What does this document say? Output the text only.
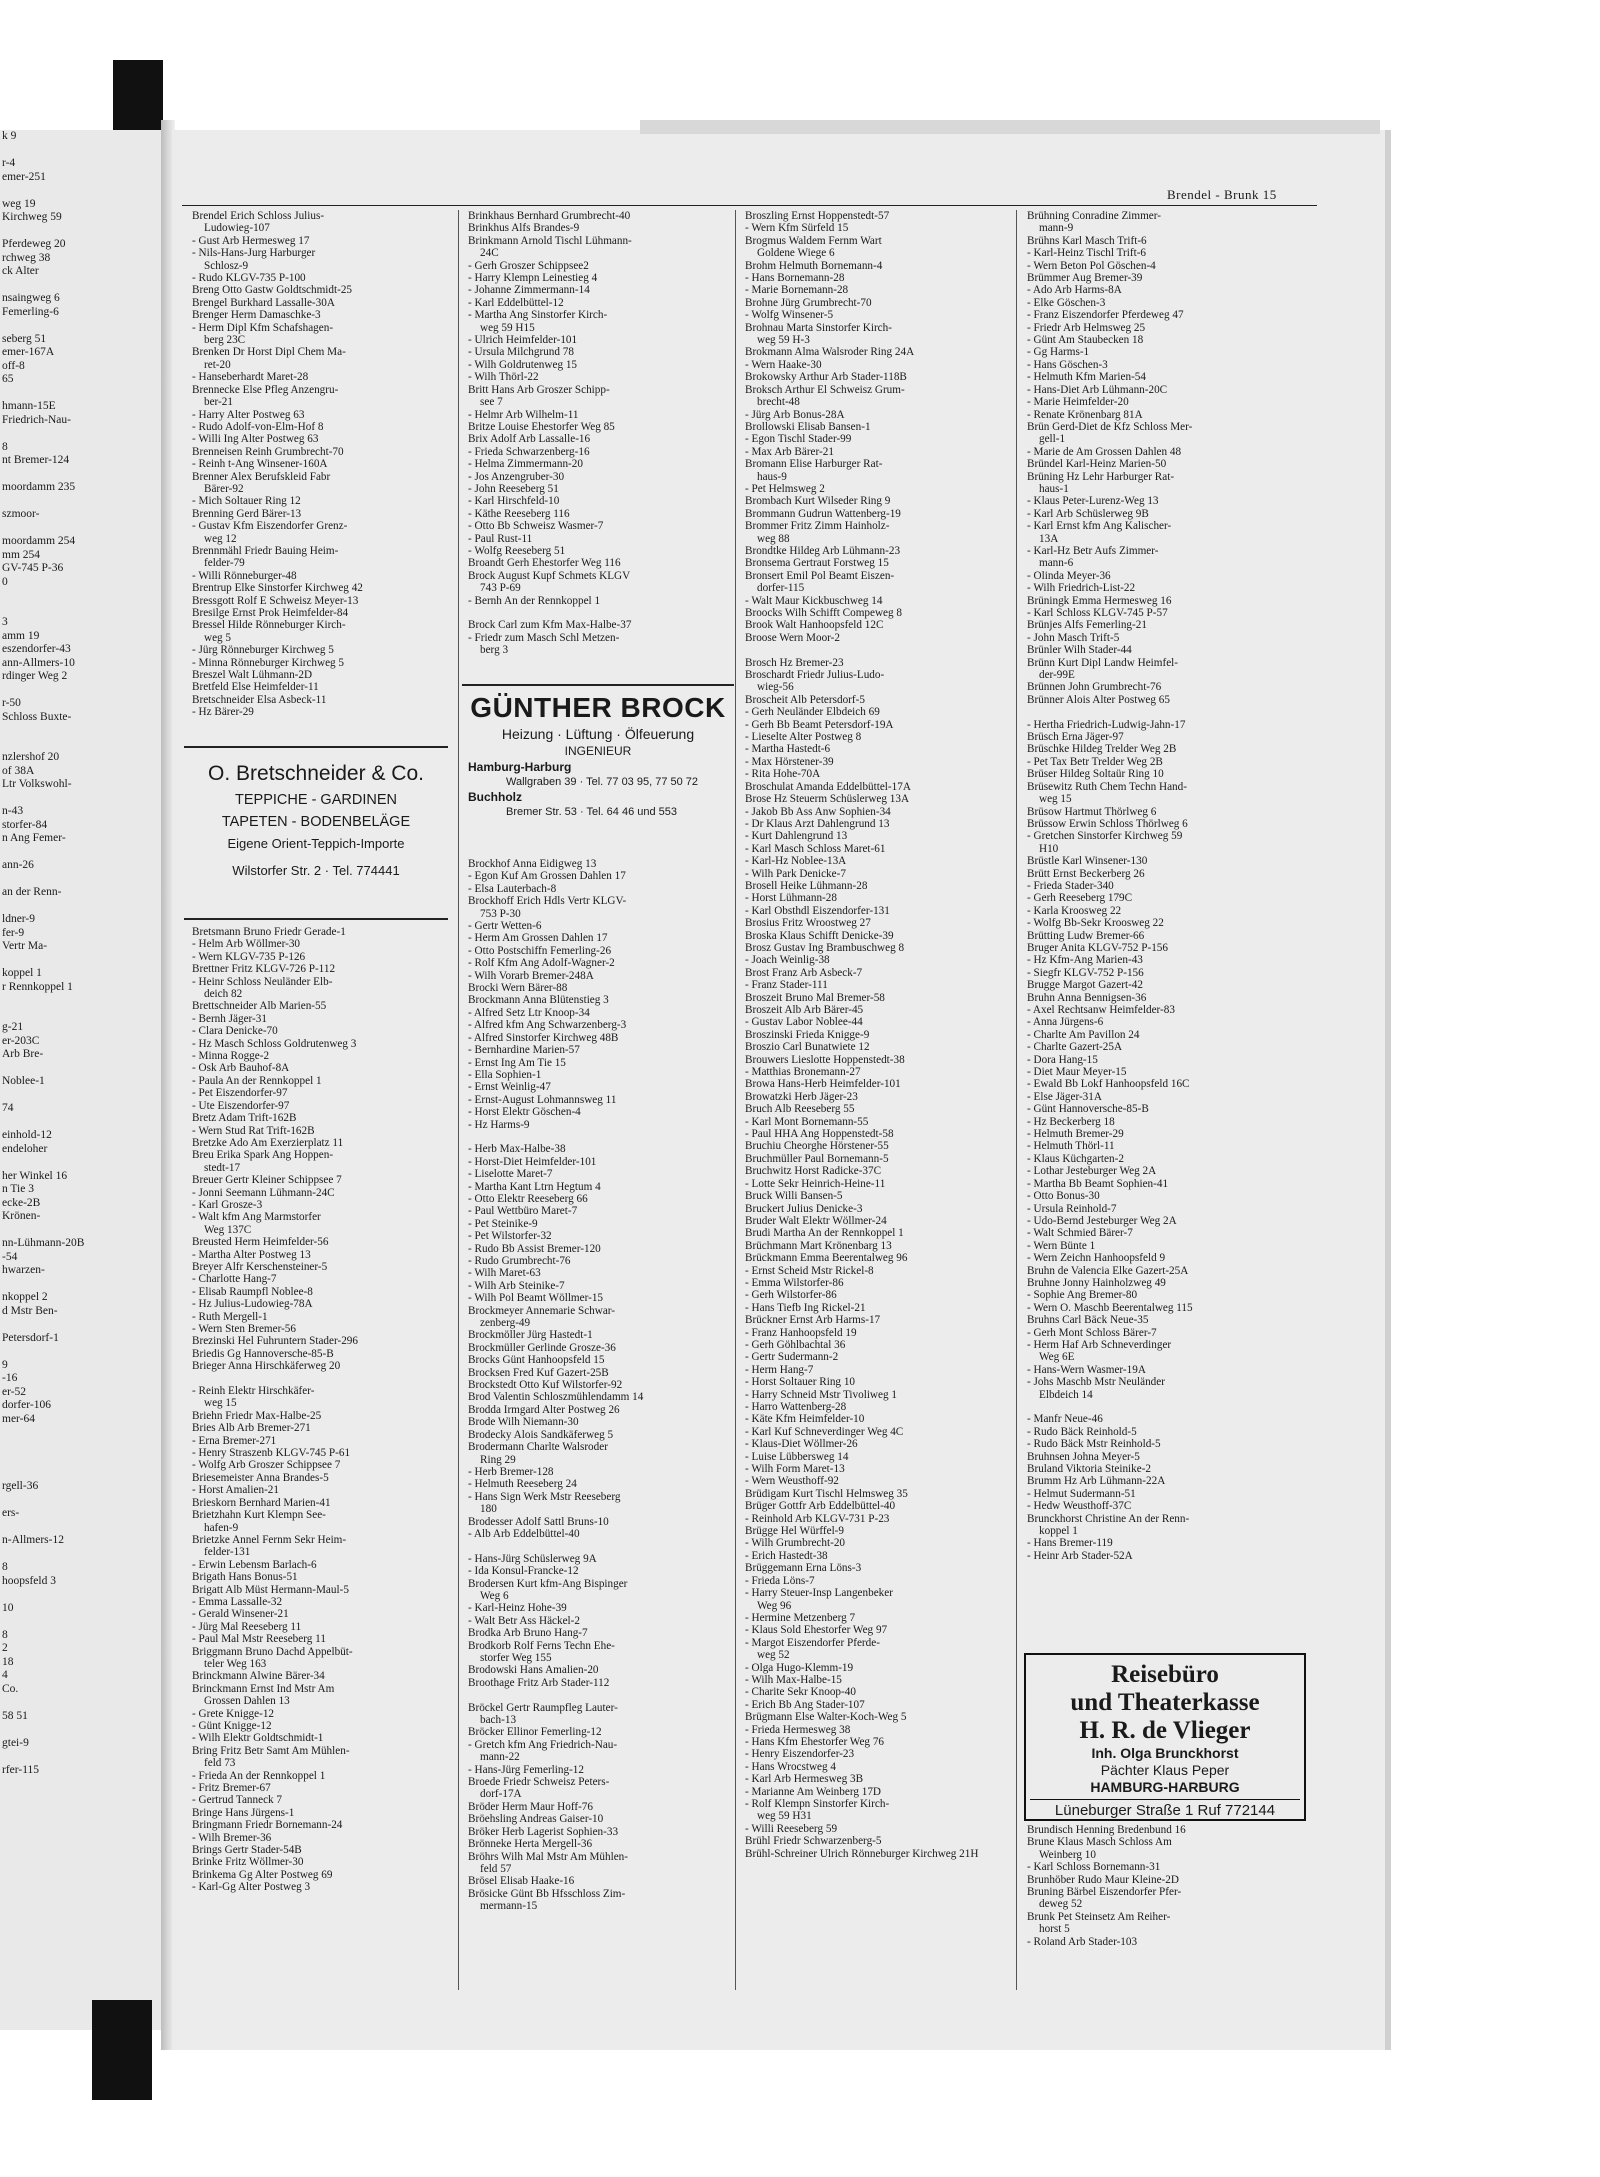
k 9

r-4
emer-251

weg 19
Kirchweg 59

Pferdeweg 20
rchweg 38
ck Alter

nsaingweg 6
Femerling-6

seberg 51
emer-167A
off-8
65

hmann-15E
Friedrich-Nau-

8
nt Bremer-124

moordamm 235

szmoor-

moordamm 254
mm 254
GV-745 P-36
0

3
amm 19
eszendorfer-43
ann-Allmers-10
rdinger Weg 2

r-50
Schloss Buxte-

nzlershof 20
of 38A
Ltr Volkswohl-

n-43
storfer-84
n Ang Femer-

ann-26

an der Renn-

ldner-9
fer-9
Vertr Ma-

koppel 1
r Rennkoppel 1

g-21
er-203C
Arb Bre-

Noblee-1

74

einhold-12
endeloher

her Winkel 16
n Tie 3
ecke-2B
Krönen-

nn-Lühmann-20B
-54
hwarzen-

nkoppel 2
d Mstr Ben-

Petersdorf-1

9
-16
er-52
dorfer-106
mer-64

rgell-36

ers-

n-Allmers-12

8
hoopsfeld 3

10

8
2
18
4
Co.

58 51

gtei-9

rfer-115
Brendel - Brunk 15
Brendel Erich Schloss Julius-
Ludowieg-107
- Gust Arb Hermesweg 17
- Nils-Hans-Jurg Harburger
Schlosz-9
- Rudo KLGV-735 P-100
Breng Otto Gastw Goldtschmidt-25
Brengel Burkhard Lassalle-30A
Brenger Herm Damaschke-3
- Herm Dipl Kfm Schafshagen-
berg 23C
Brenken Dr Horst Dipl Chem Ma-
ret-20
- Hanseberhardt Maret-28
Brennecke Else Pfleg Anzengru-
ber-21
- Harry Alter Postweg 63
- Rudo Adolf-von-Elm-Hof 8
- Willi Ing Alter Postweg 63
Brenneisen Reinh Grumbrecht-70
- Reinh t-Ang Winsener-160A
Brenner Alex Berufskleid Fabr
Bärer-92
- Mich Soltauer Ring 12
Brenning Gerd Bärer-13
- Gustav Kfm Eiszendorfer Grenz-
weg 12
Brennmähl Friedr Bauing Heim-
felder-79
- Willi Rönneburger-48
Brentrup Elke Sinstorfer Kirchweg 42
Bressgott Rolf E Schweisz Meyer-13
Bresilge Ernst Prok Heimfelder-84
Bressel Hilde Rönneburger Kirch-
weg 5
- Jürg Rönneburger Kirchweg 5
- Minna Rönneburger Kirchweg 5
Breszel Walt Lühmann-2D
Bretfeld Else Heimfelder-11
Bretschneider Elsa Asbeck-11
- Hz Bärer-29
Bretsmann Bruno Friedr Gerade-1
- Helm Arb Wöllmer-30
- Wern KLGV-735 P-126
Brettner Fritz KLGV-726 P-112
- Heinr Schloss Neuländer Elb-
deich 82
Brettschneider Alb Marien-55
- Bernh Jäger-31
- Clara Denicke-70
- Hz Masch Schloss Goldrutenweg 3
- Minna Rogge-2
- Osk Arb Bauhof-8A
- Paula An der Rennkoppel 1
- Pet Eiszendorfer-97
- Ute Eiszendorfer-97
Bretz Adam Trift-162B
- Wern Stud Rat Trift-162B
Bretzke Ado Am Exerzierplatz 11
Breu Erika Spark Ang Hoppen-
stedt-17
Breuer Gertr Kleiner Schippsee 7
- Jonni Seemann Lühmann-24C
- Karl Grosze-3
- Walt kfm Ang Marmstorfer
Weg 137C
Breusted Herm Heimfelder-56
- Martha Alter Postweg 13
Breyer Alfr Kerschensteiner-5
- Charlotte Hang-7
- Elisab Raumpfl Noblee-8
- Hz Julius-Ludowieg-78A
- Ruth Mergell-1
- Wern Sten Bremer-56
Brezinski Hel Fuhruntern Stader-296
Briedis Gg Hannoversche-85-B
Brieger Anna Hirschkäferweg 20

- Reinh Elektr Hirschkäfer-
weg 15
Briehn Friedr Max-Halbe-25
Bries Alb Arb Bremer-271
- Erna Bremer-271
- Henry Straszenb KLGV-745 P-61
- Wolfg Arb Groszer Schippsee 7
Briesemeister Anna Brandes-5
- Horst Amalien-21
Brieskorn Bernhard Marien-41
Brietzhahn Kurt Klempn See-
hafen-9
Brietzke Annel Fernm Sekr Heim-
felder-131
- Erwin Lebensm Barlach-6
Brigath Hans Bonus-51
Brigatt Alb Müst Hermann-Maul-5
- Emma Lassalle-32
- Gerald Winsener-21
- Jürg Mal Reeseberg 11
- Paul Mal Mstr Reeseberg 11
Briggmann Bruno Dachd Appelbüt-
teler Weg 163
Brinckmann Alwine Bärer-34
Brinckmann Ernst Ind Mstr Am
Grossen Dahlen 13
- Grete Knigge-12
- Günt Knigge-12
- Wilh Elektr Goldtschmidt-1
Bring Fritz Betr Samt Am Mühlen-
feld 73
- Frieda An der Rennkoppel 1
- Fritz Bremer-67
- Gertrud Tanneck 7
Bringe Hans Jürgens-1
Bringmann Friedr Bornemann-24
- Wilh Bremer-36
Brings Gertr Stader-54B
Brinke Fritz Wöllmer-30
Brinkema Gg Alter Postweg 69
- Karl-Gg Alter Postweg 3
Brinkhaus Bernhard Grumbrecht-40
Brinkhus Alfs Brandes-9
Brinkmann Arnold Tischl Lühmann-
24C
- Gerh Groszer Schippsee2
- Harry Klempn Leinestieg 4
- Johanne Zimmermann-14
- Karl Eddelbüttel-12
- Martha Ang Sinstorfer Kirch-
weg 59 H15
- Ulrich Heimfelder-101
- Ursula Milchgrund 78
- Wilh Goldrutenweg 15
- Wilh Thörl-22
Britt Hans Arb Groszer Schipp-
see 7
- Helmr Arb Wilhelm-11
Britze Louise Ehestorfer Weg 85
Brix Adolf Arb Lassalle-16
- Frieda Schwarzenberg-16
- Helma Zimmermann-20
- Jos Anzengruber-30
- John Reeseberg 51
- Karl Hirschfeld-10
- Käthe Reeseberg 116
- Otto Bb Schweisz Wasmer-7
- Paul Rust-11
- Wolfg Reeseberg 51
Broandt Gerh Ehestorfer Weg 116
Brock August Kupf Schmets KLGV
743 P-69
- Bernh An der Rennkoppel 1

Brock Carl zum Kfm Max-Halbe-37
- Friedr zum Masch Schl Metzen-
berg 3
Brockhof Anna Eidigweg 13
- Egon Kuf Am Grossen Dahlen 17
- Elsa Lauterbach-8
Brockhoff Erich Hdls Vertr KLGV-
753 P-30
- Gertr Wetten-6
- Herm Am Grossen Dahlen 17
- Otto Postschiffn Femerling-26
- Rolf Kfm Ang Adolf-Wagner-2
- Wilh Vorarb Bremer-248A
Brocki Wern Bärer-88
Brockmann Anna Blütenstieg 3
- Alfred Setz Ltr Knoop-34
- Alfred kfm Ang Schwarzenberg-3
- Alfred Sinstorfer Kirchweg 48B
- Bernhardine Marien-57
- Ernst Ing Am Tie 15
- Ella Sophien-1
- Ernst Weinlig-47
- Ernst-August Lohmannsweg 11
- Horst Elektr Göschen-4
- Hz Harms-9

- Herb Max-Halbe-38
- Horst-Diet Heimfelder-101
- Liselotte Maret-7
- Martha Kant Ltrn Hegtum 4
- Otto Elektr Reeseberg 66
- Paul Wettbüro Maret-7
- Pet Steinike-9
- Pet Wilstorfer-32
- Rudo Bb Assist Bremer-120
- Rudo Grumbrecht-76
- Wilh Maret-63
- Wilh Arb Steinike-7
- Wilh Pol Beamt Wöllmer-15
Brockmeyer Annemarie Schwar-
zenberg-49
Brockmöller Jürg Hastedt-1
Brockmüller Gerlinde Grosze-36
Brocks Günt Hanhoopsfeld 15
Brocksen Fred Kuf Gazert-25B
Brockstedt Otto Kuf Wilstorfer-92
Brod Valentin Schloszmühlendamm 14
Brodda Irmgard Alter Postweg 26
Brode Wilh Niemann-30
Brodecky Alois Sandkäferweg 5
Brodermann Charlte Walsroder
Ring 29
- Herb Bremer-128
- Helmuth Reeseberg 24
- Hans Sign Werk Mstr Reeseberg
180
Brodesser Adolf Sattl Bruns-10
- Alb Arb Eddelbüttel-40

- Hans-Jürg Schüslerweg 9A
- Ida Konsul-Francke-12
Brodersen Kurt kfm-Ang Bispinger
Weg 6
- Karl-Heinz Hohe-39
- Walt Betr Ass Häckel-2
Brodka Arb Bruno Hang-7
Brodkorb Rolf Ferns Techn Ehe-
storfer Weg 155
Brodowski Hans Amalien-20
Broothage Fritz Arb Stader-112

Bröckel Gertr Raumpfleg Lauter-
bach-13
Bröcker Ellinor Femerling-12
- Gretch kfm Ang Friedrich-Nau-
mann-22
- Hans-Jürg Femerling-12
Broede Friedr Schweisz Peters-
dorf-17A
Bröder Herm Maur Hoff-76
Bröehsling Andreas Gaiser-10
Bröker Herb Lagerist Sophien-33
Brönneke Herta Mergell-36
Bröhrs Wilh Mal Mstr Am Mühlen-
feld 57
Brösel Elisab Haake-16
Brösicke Günt Bb Hfsschloss Zim-
mermann-15
Broszling Ernst Hoppenstedt-57
- Wern Kfm Sürfeld 15
Brogmus Waldem Fernm Wart
Goldene Wiege 6
Brohm Helmuth Bornemann-4
- Hans Bornemann-28
- Marie Bornemann-28
Brohne Jürg Grumbrecht-70
- Wolfg Winsener-5
Brohnau Marta Sinstorfer Kirch-
weg 59 H-3
Brokmann Alma Walsroder Ring 24A
- Wern Haake-30
Brokowsky Arthur Arb Stader-118B
Broksch Arthur El Schweisz Grum-
brecht-48
- Jürg Arb Bonus-28A
Brollowski Elisab Bansen-1
- Egon Tischl Stader-99
- Max Arb Bärer-21
Bromann Elise Harburger Rat-
haus-9
- Pet Helmsweg 2
Brombach Kurt Wilseder Ring 9
Brommann Gudrun Wattenberg-19
Brommer Fritz Zimm Hainholz-
weg 88
Brondtke Hildeg Arb Lühmann-23
Bronsema Gertraut Forstweg 15
Bronsert Emil Pol Beamt Eiszen-
dorfer-115
- Walt Maur Kickbuschweg 14
Broocks Wilh Schifft Compeweg 8
Brook Walt Hanhoopsfeld 12C
Broose Wern Moor-2

Brosch Hz Bremer-23
Broschardt Friedr Julius-Ludo-
wieg-56
Broscheit Alb Petersdorf-5
- Gerh Neuländer Elbdeich 69
- Gerh Bb Beamt Petersdorf-19A
- Lieselte Alter Postweg 8
- Martha Hastedt-6
- Max Hörstener-39
- Rita Hohe-70A
Broschulat Amanda Eddelbüttel-17A
Brose Hz Steuerm Schüslerweg 13A
- Jakob Bb Ass Anw Sophien-34
- Dr Klaus Arzt Dahlengrund 13
- Kurt Dahlengrund 13
- Karl Masch Schloss Maret-61
- Karl-Hz Noblee-13A
- Wilh Park Denicke-7
Brosell Heike Lühmann-28
- Horst Lühmann-28
- Karl Obsthdl Eiszendorfer-131
Brosius Fritz Wroostweg 27
Broska Klaus Schifft Denicke-39
Brosz Gustav Ing Brambuschweg 8
- Joach Weinlig-38
Brost Franz Arb Asbeck-7
- Franz Stader-111
Broszeit Bruno Mal Bremer-58
Broszeit Alb Arb Bärer-45
- Gustav Labor Noblee-44
Broszinski Frieda Knigge-9
Broszio Carl Bunatwiete 12
Brouwers Lieslotte Hoppenstedt-38
- Matthias Bronemann-27
Browa Hans-Herb Heimfelder-101
Browatzki Herb Jäger-23
Bruch Alb Reeseberg 55
- Karl Mont Bornemann-55
- Paul HHA Ang Hoppenstedt-58
Bruchiu Cheorghe Hörstener-55
Bruchmüller Paul Bornemann-5
Bruchwitz Horst Radicke-37C
- Lotte Sekr Heinrich-Heine-11
Bruck Willi Bansen-5
Bruckert Julius Denicke-3
Bruder Walt Elektr Wöllmer-24
Brudi Martha An der Rennkoppel 1
Brüchmann Mart Krönenbarg 13
Brückmann Emma Beerentalweg 96
- Ernst Scheid Mstr Rickel-8
- Emma Wilstorfer-86
- Gerh Wilstorfer-86
- Hans Tiefb Ing Rickel-21
Brückner Ernst Arb Harms-17
- Franz Hanhoopsfeld 19
- Gerh Göhlbachtal 36
- Gertr Sudermann-2
- Herm Hang-7
- Horst Soltauer Ring 10
- Harry Schneid Mstr Tivoliweg 1
- Harro Wattenberg-28
- Käte Kfm Heimfelder-10
- Karl Kuf Schneverdinger Weg 4C
- Klaus-Diet Wöllmer-26
- Luise Lübbersweg 14
- Wilh Form Maret-13
- Wern Weusthoff-92
Brüdigam Kurt Tischl Helmsweg 35
Brüger Gottfr Arb Eddelbüttel-40
- Reinhold Arb KLGV-731 P-23
Brügge Hel Würffel-9
- Wilh Grumbrecht-20
- Erich Hastedt-38
Brüggemann Erna Löns-3
- Frieda Löns-7
- Harry Steuer-Insp Langenbeker
Weg 96
- Hermine Metzenberg 7
- Klaus Sold Ehestorfer Weg 97
- Margot Eiszendorfer Pferde-
weg 52
- Olga Hugo-Klemm-19
- Wilh Max-Halbe-15
- Charite Sekr Knoop-40
- Erich Bb Ang Stader-107
Brügmann Else Walter-Koch-Weg 5
- Frieda Hermesweg 38
- Hans Kfm Ehestorfer Weg 76
- Henry Eiszendorfer-23
- Hans Wrocstweg 4
- Karl Arb Hermesweg 3B
- Marianne Am Weinberg 17D
- Rolf Klempn Sinstorfer Kirch-
weg 59 H31
- Willi Reeseberg 59
Brühl Friedr Schwarzenberg-5
Brühl-Schreiner Ulrich Rönneburger Kirchweg 21H
Brühning Conradine Zimmer-
mann-9
Brühns Karl Masch Trift-6
- Karl-Heinz Tischl Trift-6
- Wern Beton Pol Göschen-4
Brümmer Aug Bremer-39
- Ado Arb Harms-8A
- Elke Göschen-3
- Franz Eiszendorfer Pferdeweg 47
- Friedr Arb Helmsweg 25
- Günt Am Staubecken 18
- Gg Harms-1
- Hans Göschen-3
- Helmuth Kfm Marien-54
- Hans-Diet Arb Lühmann-20C
- Marie Heimfelder-20
- Renate Krönenbarg 81A
Brün Gerd-Diet de Kfz Schloss Mer-
gell-1
- Marie de Am Grossen Dahlen 48
Bründel Karl-Heinz Marien-50
Brüning Hz Lehr Harburger Rat-
haus-1
- Klaus Peter-Lurenz-Weg 13
- Karl Arb Schüslerweg 9B
- Karl Ernst kfm Ang Kalischer-
13A
- Karl-Hz Betr Aufs Zimmer-
mann-6
- Olinda Meyer-36
- Wilh Friedrich-List-22
Brüningk Emma Hermesweg 16
- Karl Schloss KLGV-745 P-57
Brünjes Alfs Femerling-21
- John Masch Trift-5
Brünler Wilh Stader-44
Brünn Kurt Dipl Landw Heimfel-
der-99E
Brünnen John Grumbrecht-76
Brünner Alois Alter Postweg 65

- Hertha Friedrich-Ludwig-Jahn-17
Brüsch Erna Jäger-97
Brüschke Hildeg Trelder Weg 2B
- Pet Tax Betr Trelder Weg 2B
Brüser Hildeg Soltaür Ring 10
Brüsewitz Ruth Chem Techn Hand-
weg 15
Brüsow Hartmut Thörlweg 6
Brüssow Erwin Schloss Thörlweg 6
- Gretchen Sinstorfer Kirchweg 59
H10
Brüstle Karl Winsener-130
Brütt Ernst Beckerberg 26
- Frieda Stader-340
- Gerh Reeseberg 179C
- Karla Kroosweg 22
- Wolfg Bb-Sekr Kroosweg 22
Brütting Ludw Bremer-66
Bruger Anita KLGV-752 P-156
- Hz Kfm-Ang Marien-43
- Siegfr KLGV-752 P-156
Brugge Margot Gazert-42
Bruhn Anna Bennigsen-36
- Axel Rechtsanw Heimfelder-83
- Anna Jürgens-6
- Charlte Am Pavillon 24
- Charlte Gazert-25A
- Dora Hang-15
- Diet Maur Meyer-15
- Ewald Bb Lokf Hanhoopsfeld 16C
- Else Jäger-31A
- Günt Hannoversche-85-B
- Hz Beckerberg 18
- Helmuth Bremer-29
- Helmuth Thörl-11
- Klaus Küchgarten-2
- Lothar Jesteburger Weg 2A
- Martha Bb Beamt Sophien-41
- Otto Bonus-30
- Ursula Reinhold-7
- Udo-Bernd Jesteburger Weg 2A
- Walt Schmied Bärer-7
- Wern Bünte 1
- Wern Zeichn Hanhoopsfeld 9
Bruhn de Valencia Elke Gazert-25A
Bruhne Jonny Hainholzweg 49
- Sophie Ang Bremer-80
- Wern O. Maschb Beerentalweg 115
Bruhns Carl Bäck Neue-35
- Gerh Mont Schloss Bärer-7
- Herm Haf Arb Schneverdinger
Weg 6E
- Hans-Wern Wasmer-19A
- Johs Maschb Mstr Neuländer
Elbdeich 14

- Manfr Neue-46
- Rudo Bäck Reinhold-5
- Rudo Bäck Mstr Reinhold-5
Bruhnsen Johna Meyer-5
Bruland Viktoria Steinike-2
Brumm Hz Arb Lühmann-22A
- Helmut Sudermann-51
- Hedw Weusthoff-37C
Brunckhorst Christine An der Renn-
koppel 1
- Hans Bremer-119
- Heinr Arb Stader-52A
Brundisch Henning Bredenbund 16
Brune Klaus Masch Schloss Am
Weinberg 10
- Karl Schloss Bornemann-31
Brunhöber Rudo Maur Kleine-2D
Bruning Bärbel Eiszendorfer Pfer-
deweg 52
Brunk Pet Steinsetz Am Reiher-
horst 5
- Roland Arb Stader-103
O. Bretschneider & Co.
TEPPICHE - GARDINEN
TAPETEN - BODENBELÄGE
Eigene Orient-Teppich-Importe
Wilstorfer Str. 2 · Tel. 774441
GÜNTHER BROCK
Heizung · Lüftung · Ölfeuerung
INGENIEUR
Hamburg-Harburg
Wallgraben 39 · Tel. 77 03 95, 77 50 72
Buchholz
Bremer Str. 53 · Tel. 64 46 und 553
Reisebüro
und Theaterkasse
H. R. de Vlieger
Inh. Olga Brunckhorst
Pächter Klaus Peper
HAMBURG-HARBURG
Lüneburger Straße 1 Ruf 772144
